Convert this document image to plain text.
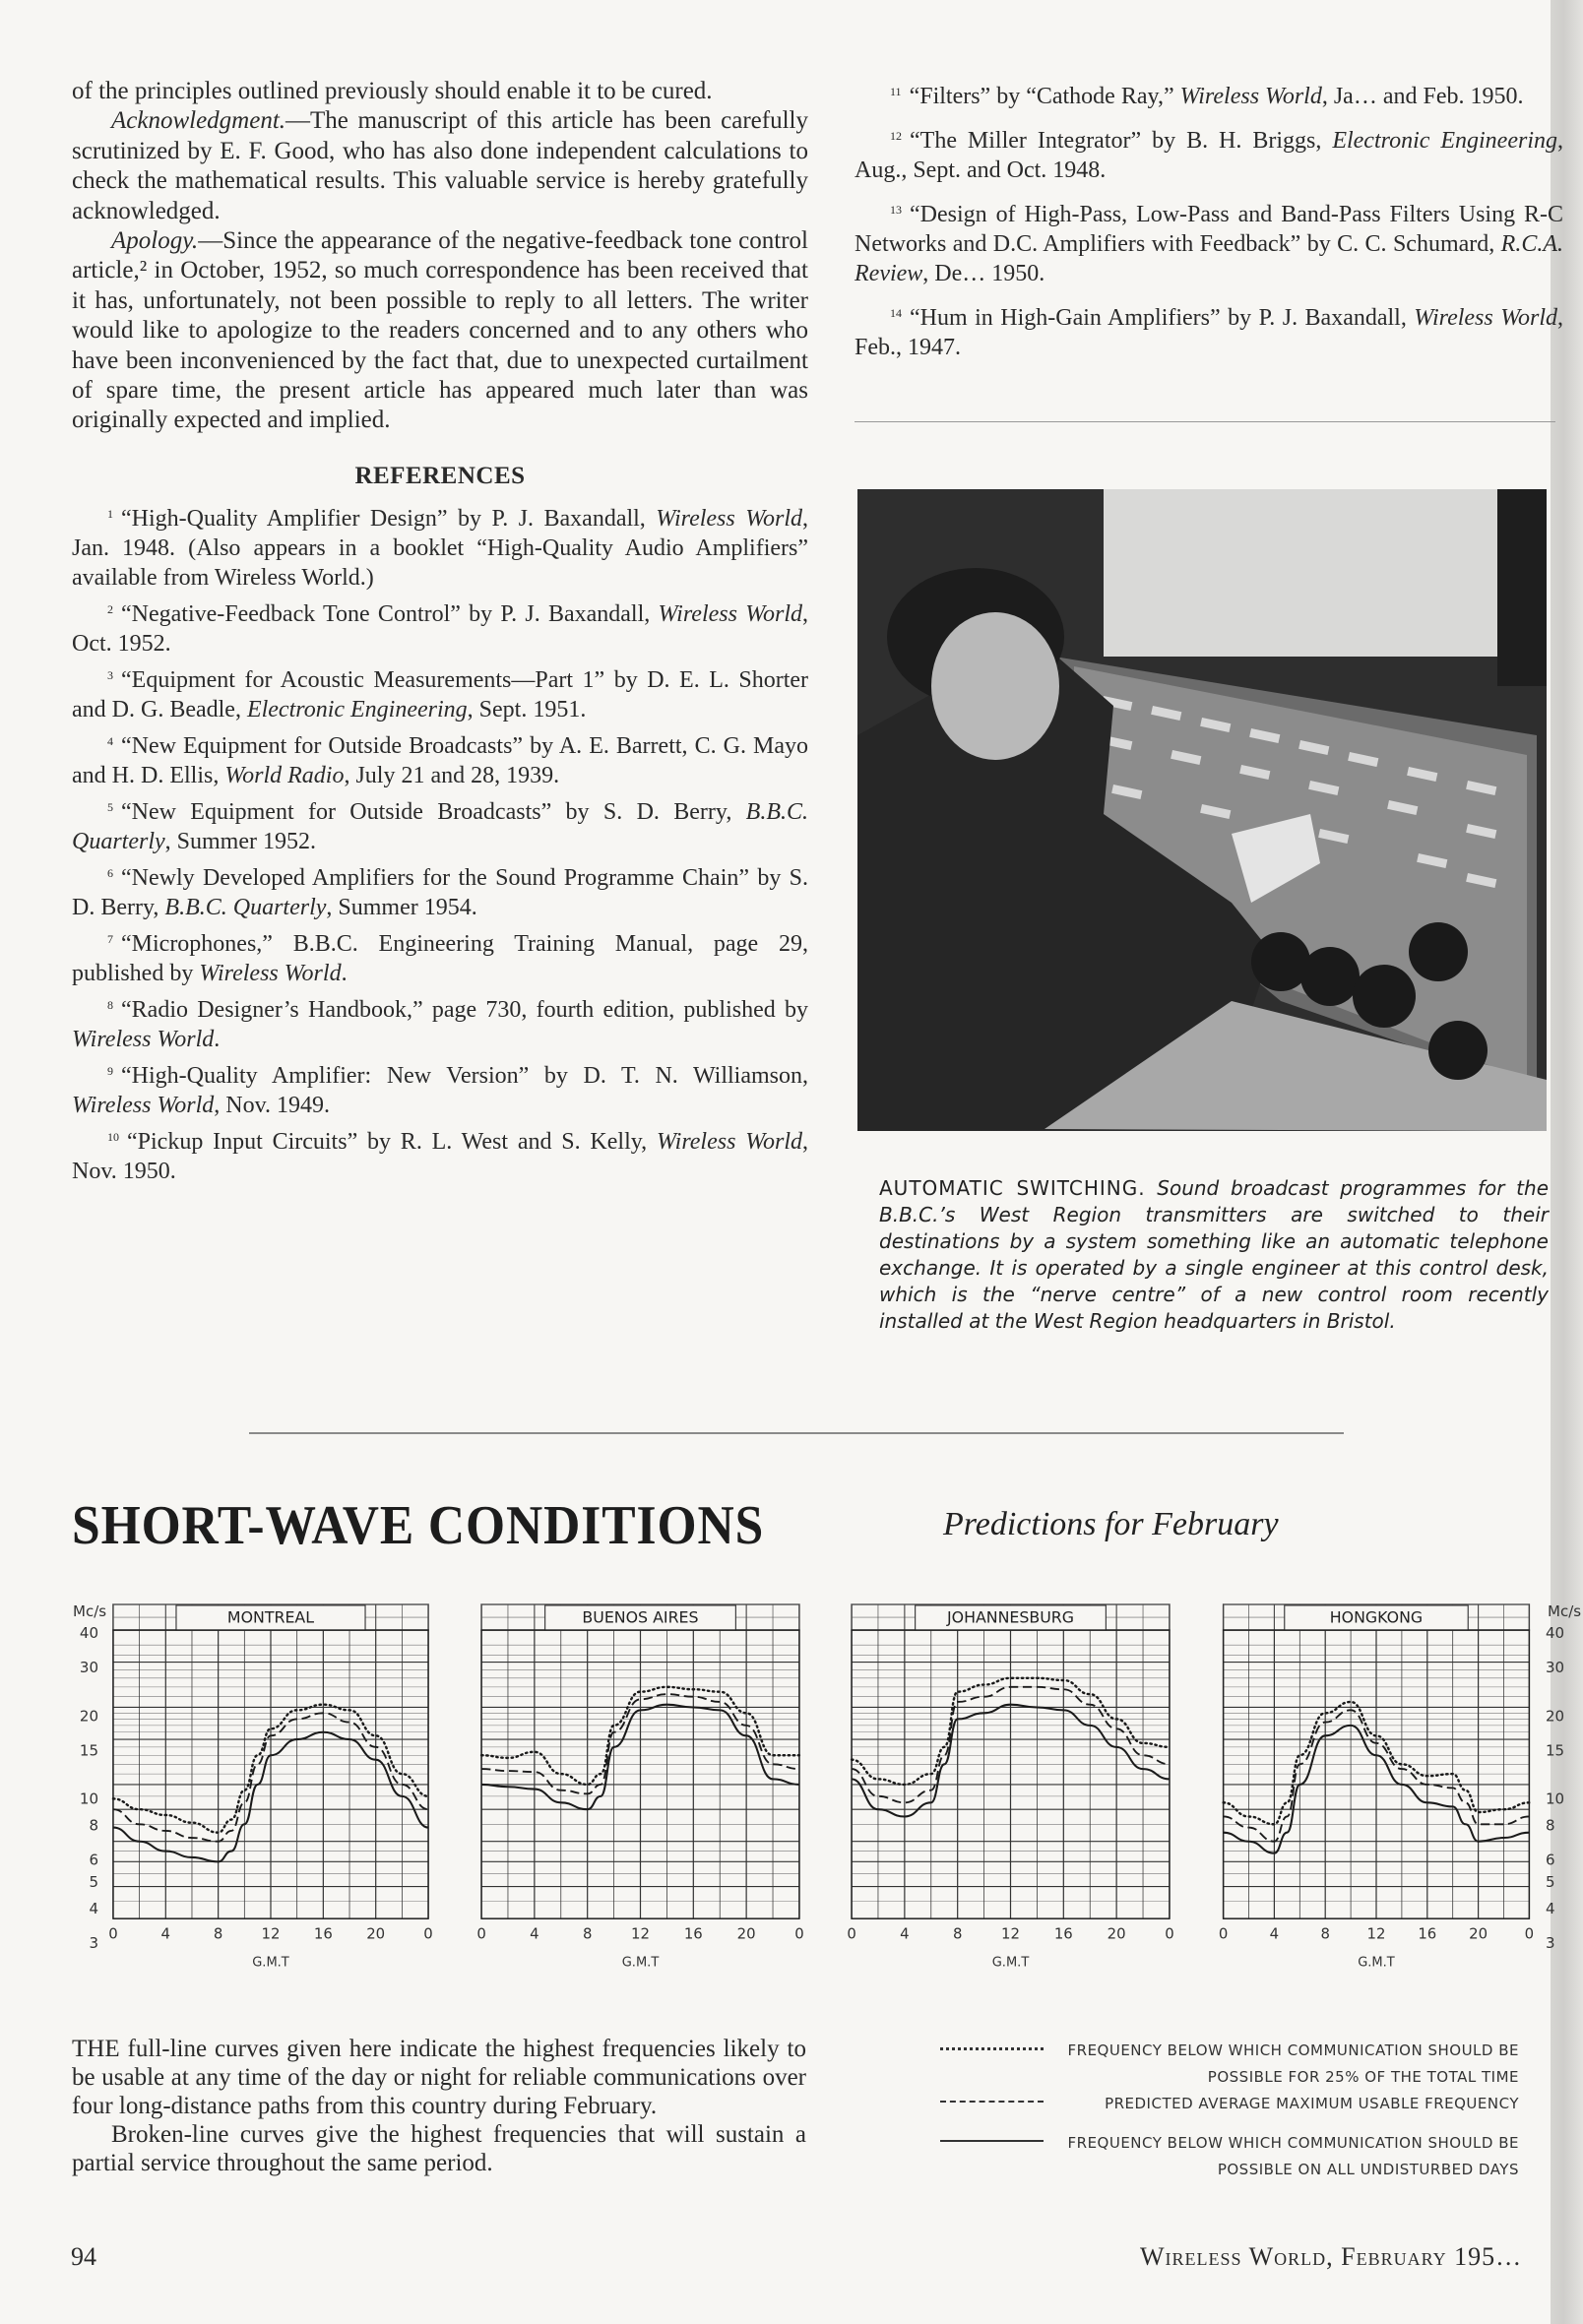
of the principles outlined previously should enable it to be cured.

Acknowledgment.—The manuscript of this article has been carefully scrutinized by E. F. Good, who has also done independent calculations to check the mathematical results. This valuable service is hereby gratefully acknowledged.

Apology.—Since the appearance of the negative-feedback tone control article,² in October, 1952, so much correspondence has been received that it has, unfortunately, not been possible to reply to all letters. The writer would like to apologize to the readers concerned and to any others who have been inconvenienced by the fact that, due to unexpected curtailment of spare time, the present article has appeared much later than was originally expected and implied.

REFERENCES
$^1$ “High-Quality Amplifier Design” by P. J. Baxandall, Wireless World, Jan. 1948. (Also appears in a booklet “High-Quality Audio Amplifiers” available from Wireless World.)
$^2$ “Negative-Feedback Tone Control” by P. J. Baxandall, Wireless World, Oct. 1952.
$^3$ “Equipment for Acoustic Measurements—Part 1” by D. E. L. Shorter and D. G. Beadle, Electronic Engineering, Sept. 1951.
$^4$ “New Equipment for Outside Broadcasts” by A. E. Barrett, C. G. Mayo and H. D. Ellis, World Radio, July 21 and 28, 1939.
$^5$ “New Equipment for Outside Broadcasts” by S. D. Berry, B.B.C. Quarterly, Summer 1952.
$^6$ “Newly Developed Amplifiers for the Sound Programme Chain” by S. D. Berry, B.B.C. Quarterly, Summer 1954.
$^7$ “Microphones,” B.B.C. Engineering Training Manual, page 29, published by Wireless World.
$^8$ “Radio Designer’s Handbook,” page 730, fourth edition, published by Wireless World.
$^9$ “High-Quality Amplifier: New Version” by D. T. N. Williamson, Wireless World, Nov. 1949.
$^{10}$ “Pickup Input Circuits” by R. L. West and S. Kelly, Wireless World, Nov. 1950.
$^{11}$ “Filters” by “Cathode Ray,” Wireless World, Ja… and Feb. 1950.
$^{12}$ “The Miller Integrator” by B. H. Briggs, Electronic Engineering, Aug., Sept. and Oct. 1948.
$^{13}$ “Design of High-Pass, Low-Pass and Band-Pass Filters Using R-C Networks and D.C. Amplifiers with Feedback” by C. C. Schumard, R.C.A. Review, De… 1950.
$^{14}$ “Hum in High-Gain Amplifiers” by P. J. Baxandall, Wireless World, Feb., 1947.
AUTOMATIC SWITCHING. Sound broadcast programmes for the B.B.C.’s West Region transmitters are switched to their destinations by a system something like an automatic telephone exchange. It is operated by a single engineer at this control desk, which is the “nerve centre” of a new control room recently installed at the West Region headquarters in Bristol.
SHORT-WAVE CONDITIONS	Predictions for February
MONTREAL
0	4	8 12 16 20 0
G.M.T
BUENOS AIRES
0	4	8 12 16 20 0
G.M.T
JOHANNESBURG
0	4	8 12 16 20 0
G.M.T
HONGKONG
0	4	8 12 16 20 0
G.M.T
Mc/s
3
4
5
6
8
10
15
20
30
40
Mc/s
3
4
5
6
8
10
15
20
30
40

THE full-line curves given here indicate the highest frequencies likely to be usable at any time of the day or night for reliable communications over four long-distance paths from this country during February.

Broken-line curves give the highest frequencies that will sustain a partial service throughout the same period.

FREQUENCY BELOW WHICH COMMUNICATION SHOULD BE POSSIBLE FOR 25% OF THE TOTAL TIME
PREDICTED AVERAGE MAXIMUM USABLE FREQUENCY
FREQUENCY BELOW WHICH COMMUNICATION SHOULD BE POSSIBLE ON ALL UNDISTURBED DAYS
94	Wireless World, February 195…
